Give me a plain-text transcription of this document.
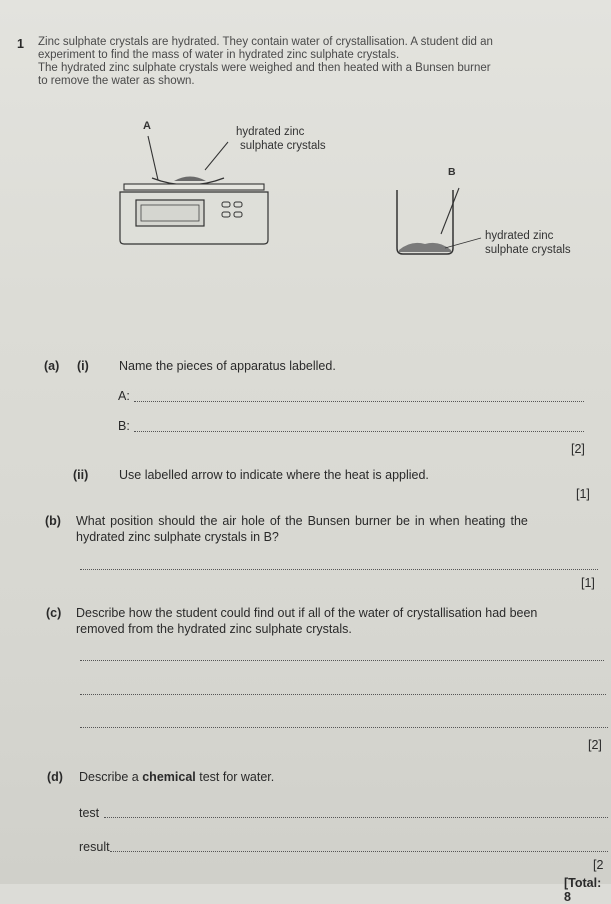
1 Zinc sulphate crystals are hydrated. They contain water of crystallisation. A student did an
experiment to find the mass of water in hydrated zinc sulphate crystals.
The hydrated zinc sulphate crystals were weighed and then heated with a Bunsen burner
to remove the water as shown.
A	hydrated zinc
sulphate crystals
B
hydrated zinc
sulphate crystals
(a) (i) Name the pieces of apparatus labelled.
A:
B:
[2]
(ii) Use labelled arrow to indicate where the heat is applied.
[1]
(b) What position should the air hole of the Bunsen burner be in when heating the
hydrated zinc sulphate crystals in B?
[1]
(c) Describe how the student could find out if all of the water of crystallisation had been
removed from the hydrated zinc sulphate crystals.
[2]
(d) Describe a chemical test for water.
test
result
[2
[Total: 8
